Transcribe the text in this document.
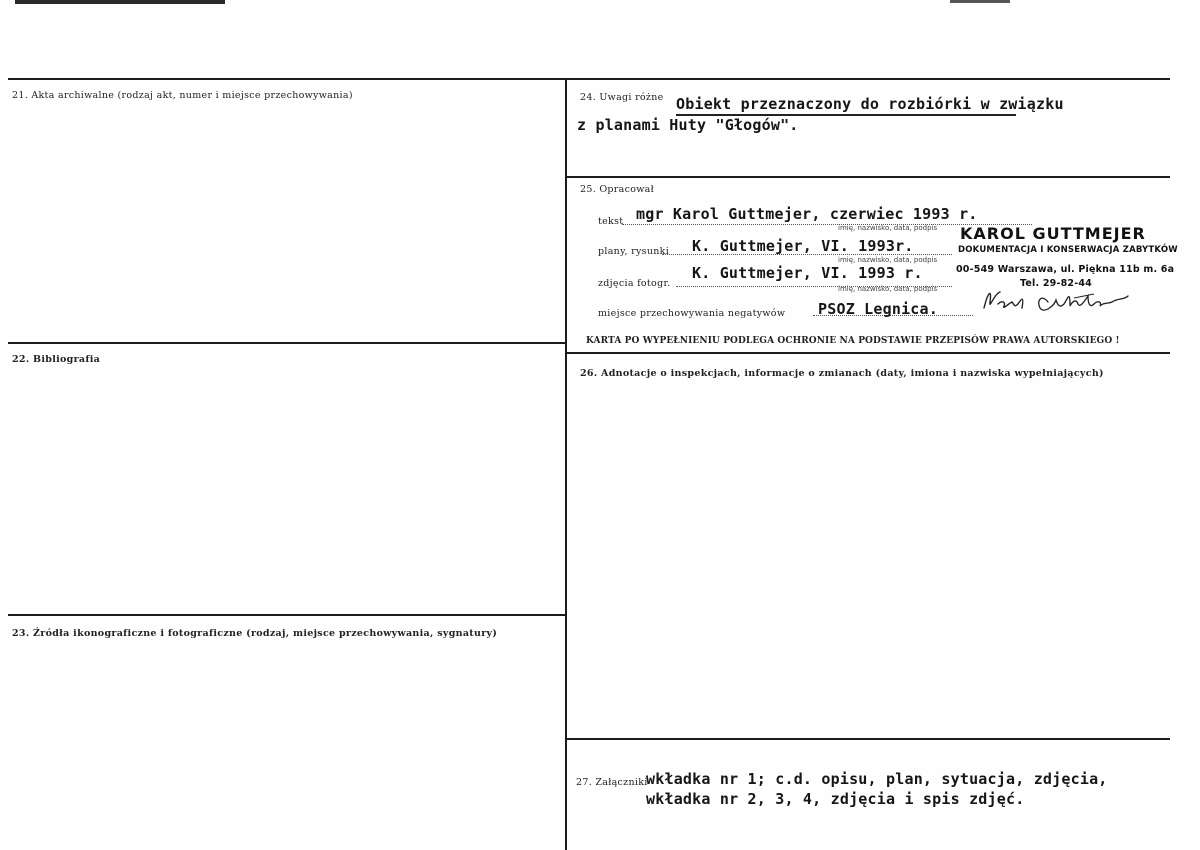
21. Akta archiwalne (rodzaj akt, numer i miejsce przechowywania)
22. Bibliografia
23. Źródła ikonograficzne i fotograficzne (rodzaj, miejsce przechowywania, sygnatury)
24. Uwagi różne Obiekt przeznaczony do rozbiórki w związku
z planami Huty "Głogów".
25. Opracował
tekst mgr Karol Guttmejer, czerwiec 1993 r.
imię, nazwisko, data, podpis
plany, rysunki K. Guttmejer, VI. 1993r.
imię, nazwisko, data, podpis
zdjęcia fotogr.
K. Guttmejer, VI. 1993 r.
imię, nazwisko, data, podpis
miejsce przechowywania negatywów PSOZ Legnica.
KAROL GUTTMEJER
DOKUMENTACJA I KONSERWACJA ZABYTKÓW
00-549 Warszawa, ul. Piękna 11b m. 6a
Tel. 29-82-44
KARTA PO WYPEŁNIENIU PODLEGA OCHRONIE NA PODSTAWIE PRZEPISÓW PRAWA AUTORSKIEGO !
26. Adnotacje o inspekcjach, informacje o zmianach (daty, imiona i nazwiska wypełniających)
27. Załączniki
wkładka nr 1; c.d. opisu, plan, sytuacja, zdjęcia,
wkładka nr 2, 3, 4, zdjęcia i spis zdjęć.
